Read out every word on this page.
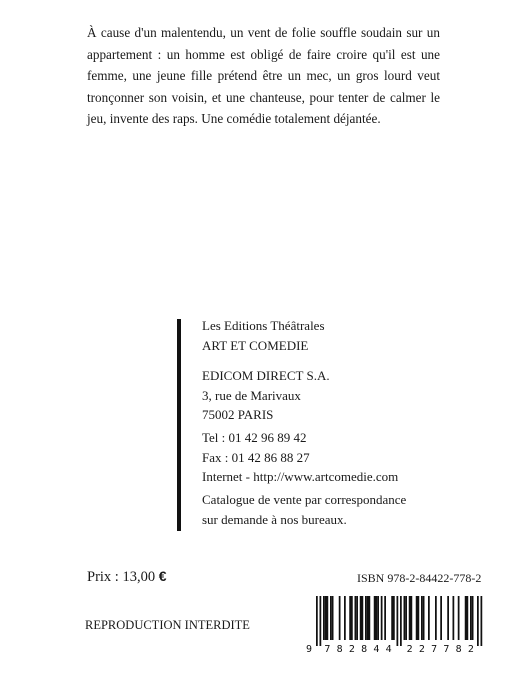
À cause d'un malentendu, un vent de folie souffle soudain sur un appartement : un homme est obligé de faire croire qu'il est une femme, une jeune fille prétend être un mec, un gros lourd veut tronçonner son voisin, et une chanteuse, pour tenter de calmer le jeu, invente des raps. Une comédie totalement déjantée.

Les Editions Théâtrales
ART ET COMEDIE
EDICOM DIRECT S.A.
3, rue de Marivaux
75002 PARIS
Tel : 01 42 96 89 42
Fax : 01 42 86 88 27
Internet - http://www.artcomedie.com
Catalogue de vente par correspondance
sur demande à nos bureaux.
Prix : 13,00 €	ISBN 978-2-84422-778-2
REPRODUCTION INTERDITE
9 7 8 2 8 4 4 2 2 7 7 8 2
